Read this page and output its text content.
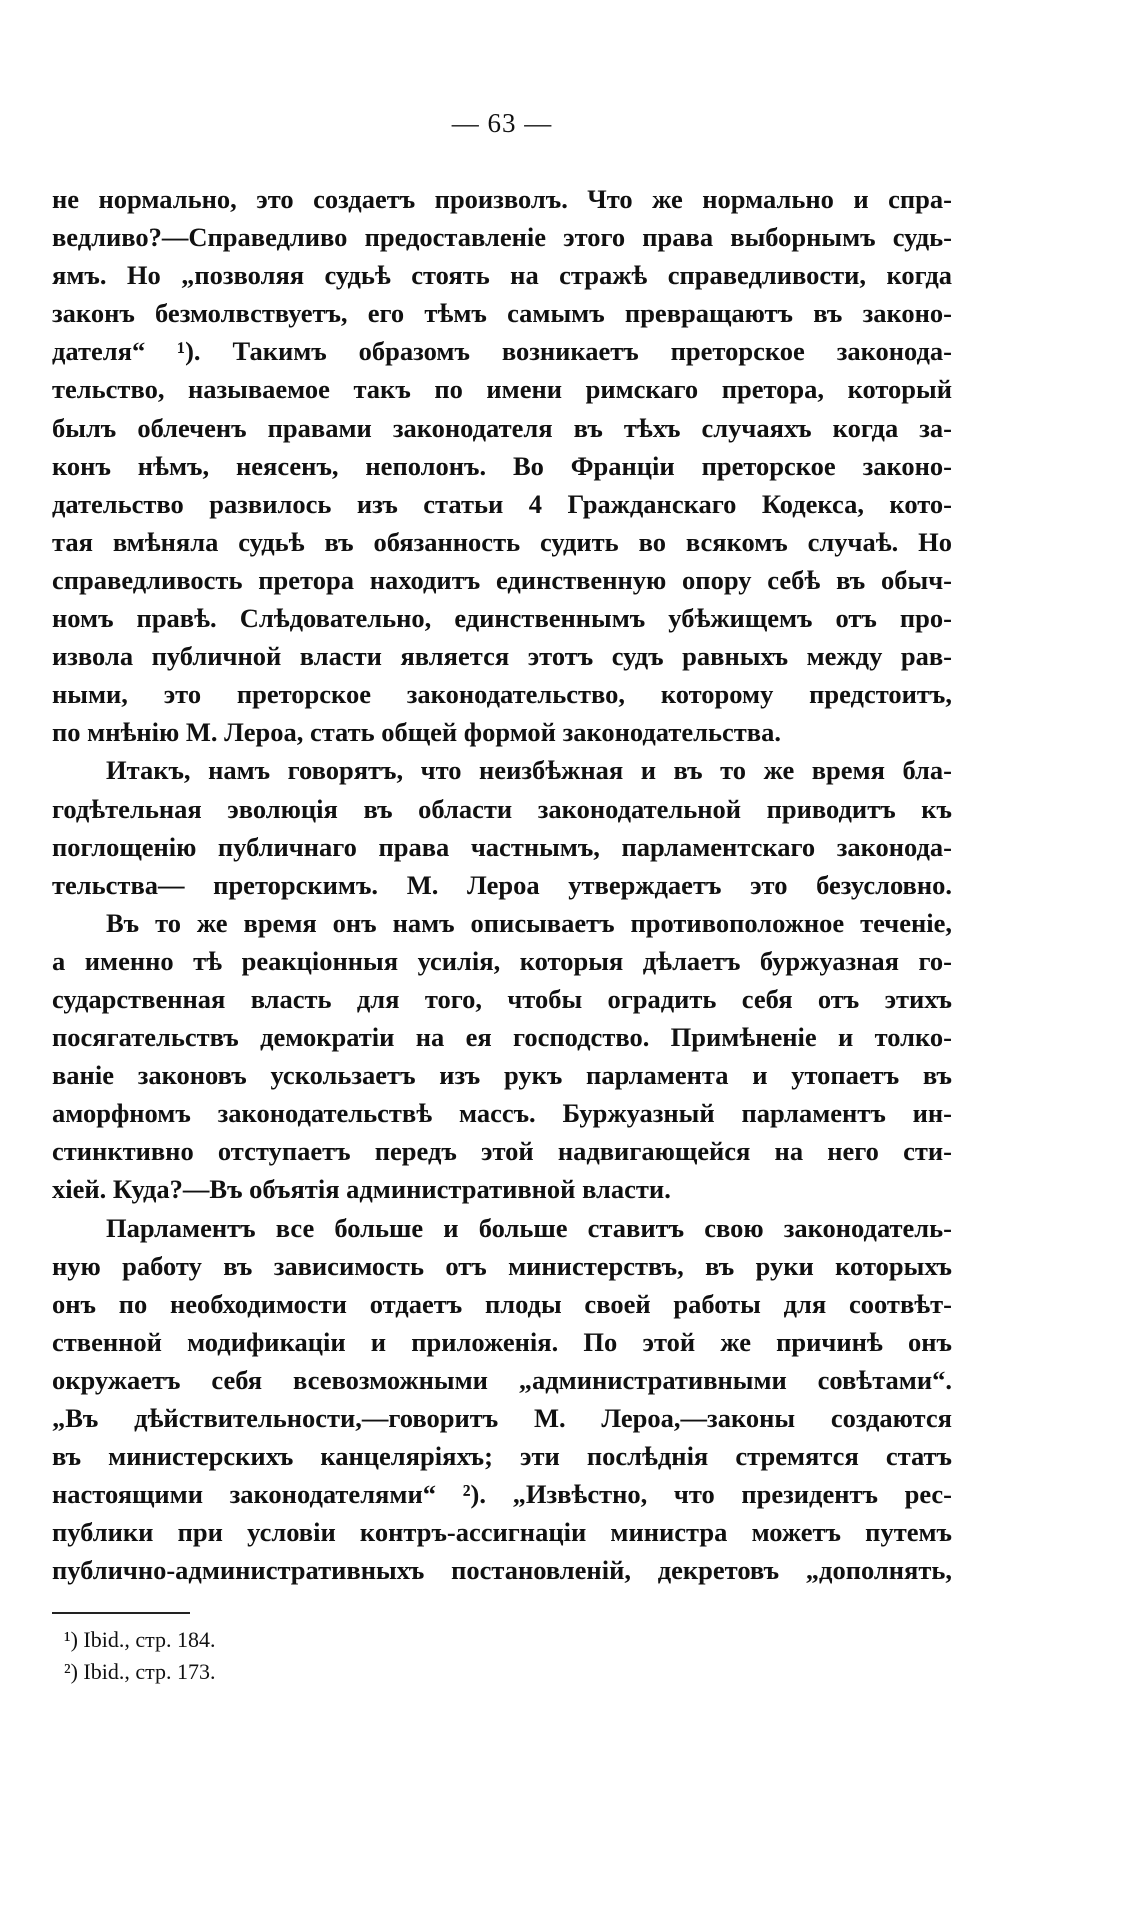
— 63 —
не нормально, это создаетъ произволъ. Что же нормально и спра-
ведливо?—Справедливо предоставленіе этого права выборнымъ судь-
ямъ. Но „позволяя судьѣ стоять на стражѣ справедливости, когда
законъ безмолвствуетъ, его тѣмъ самымъ превращаютъ въ законо-
дателя“ ¹). Такимъ образомъ возникаетъ преторское законода-
тельство, называемое такъ по имени римскаго претора, который
былъ облеченъ правами законодателя въ тѣхъ случаяхъ когда за-
конъ нѣмъ, неясенъ, неполонъ. Во Франціи преторское законо-
дательство развилось изъ статьи 4 Гражданскаго Кодекса, кото-
тая вмѣняла судьѣ въ обязанность судить во всякомъ случаѣ. Но
справедливость претора находитъ единственную опору себѣ въ обыч-
номъ правѣ. Слѣдовательно, единственнымъ убѣжищемъ отъ про-
извола публичной власти является этотъ судъ равныхъ между рав-
ными, это преторское законодательство, которому предстоитъ,
по мнѣнію М. Лероа, стать общей формой законодательства.
Итакъ, намъ говорятъ, что неизбѣжная и въ то же время бла-
годѣтельная эволюція въ области законодательной приводитъ къ
поглощенію публичнаго права частнымъ, парламентскаго законода-
тельства— преторскимъ. М. Лероа утверждаетъ это безусловно.
Въ то же время онъ намъ описываетъ противоположное теченіе,
а именно тѣ реакціонныя усилія, которыя дѣлаетъ буржуазная го-
сударственная власть для того, чтобы оградить себя отъ этихъ
посягательствъ демократіи на ея господство. Примѣненіе и толко-
ваніе законовъ ускользаетъ изъ рукъ парламента и утопаетъ въ
аморфномъ законодательствѣ массъ. Буржуазный парламентъ ин-
стинктивно отступаетъ передъ этой надвигающейся на него сти-
хіей. Куда?—Въ объятія административной власти.
Парламентъ все больше и больше ставитъ свою законодатель-
ную работу въ зависимость отъ министерствъ, въ руки которыхъ
онъ по необходимости отдаетъ плоды своей работы для соотвѣт-
ственной модификаціи и приложенія. По этой же причинѣ онъ
окружаетъ себя всевозможными „административными совѣтами“.
„Въ дѣйствительности,—говоритъ М. Лероа,—законы создаются
въ министерскихъ канцеляріяхъ; эти послѣднія стремятся статъ
настоящими законодателями“ ²). „Извѣстно, что президентъ рес-
публики при условіи контръ-ассигнаціи министра можетъ путемъ
публично-административныхъ постановленій, декретовъ „дополнять,
¹) Ibid., стр. 184.
²) Ibid., стр. 173.
